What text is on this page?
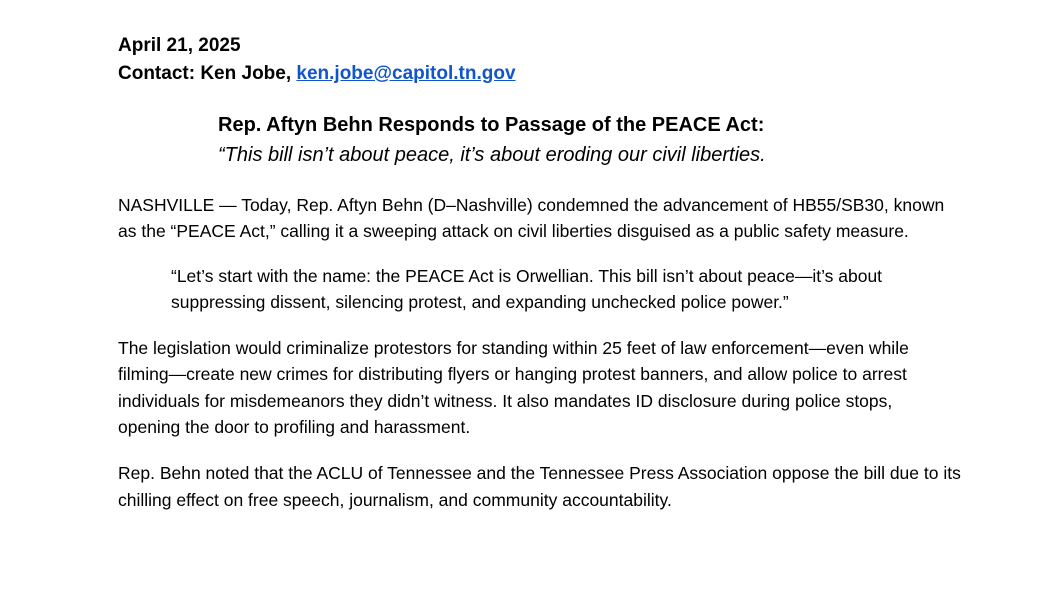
April 21, 2025

Contact: Ken Jobe, ken.jobe@capitol.tn.gov

Rep. Aftyn Behn Responds to Passage of the PEACE Act:

“This bill isn’t about peace, it’s about eroding our civil liberties.

NASHVILLE — Today, Rep. Aftyn Behn (D–Nashville) condemned the advancement of HB55/SB30, known as the “PEACE Act,” calling it a sweeping attack on civil liberties disguised as a public safety measure.

“Let’s start with the name: the PEACE Act is Orwellian. This bill isn’t about peace—it’s about suppressing dissent, silencing protest, and expanding unchecked police power.”

The legislation would criminalize protestors for standing within 25 feet of law enforcement—even while filming—create new crimes for distributing flyers or hanging protest banners, and allow police to arrest individuals for misdemeanors they didn’t witness. It also mandates ID disclosure during police stops, opening the door to profiling and harassment.

Rep. Behn noted that the ACLU of Tennessee and the Tennessee Press Association oppose the bill due to its chilling effect on free speech, journalism, and community accountability.
